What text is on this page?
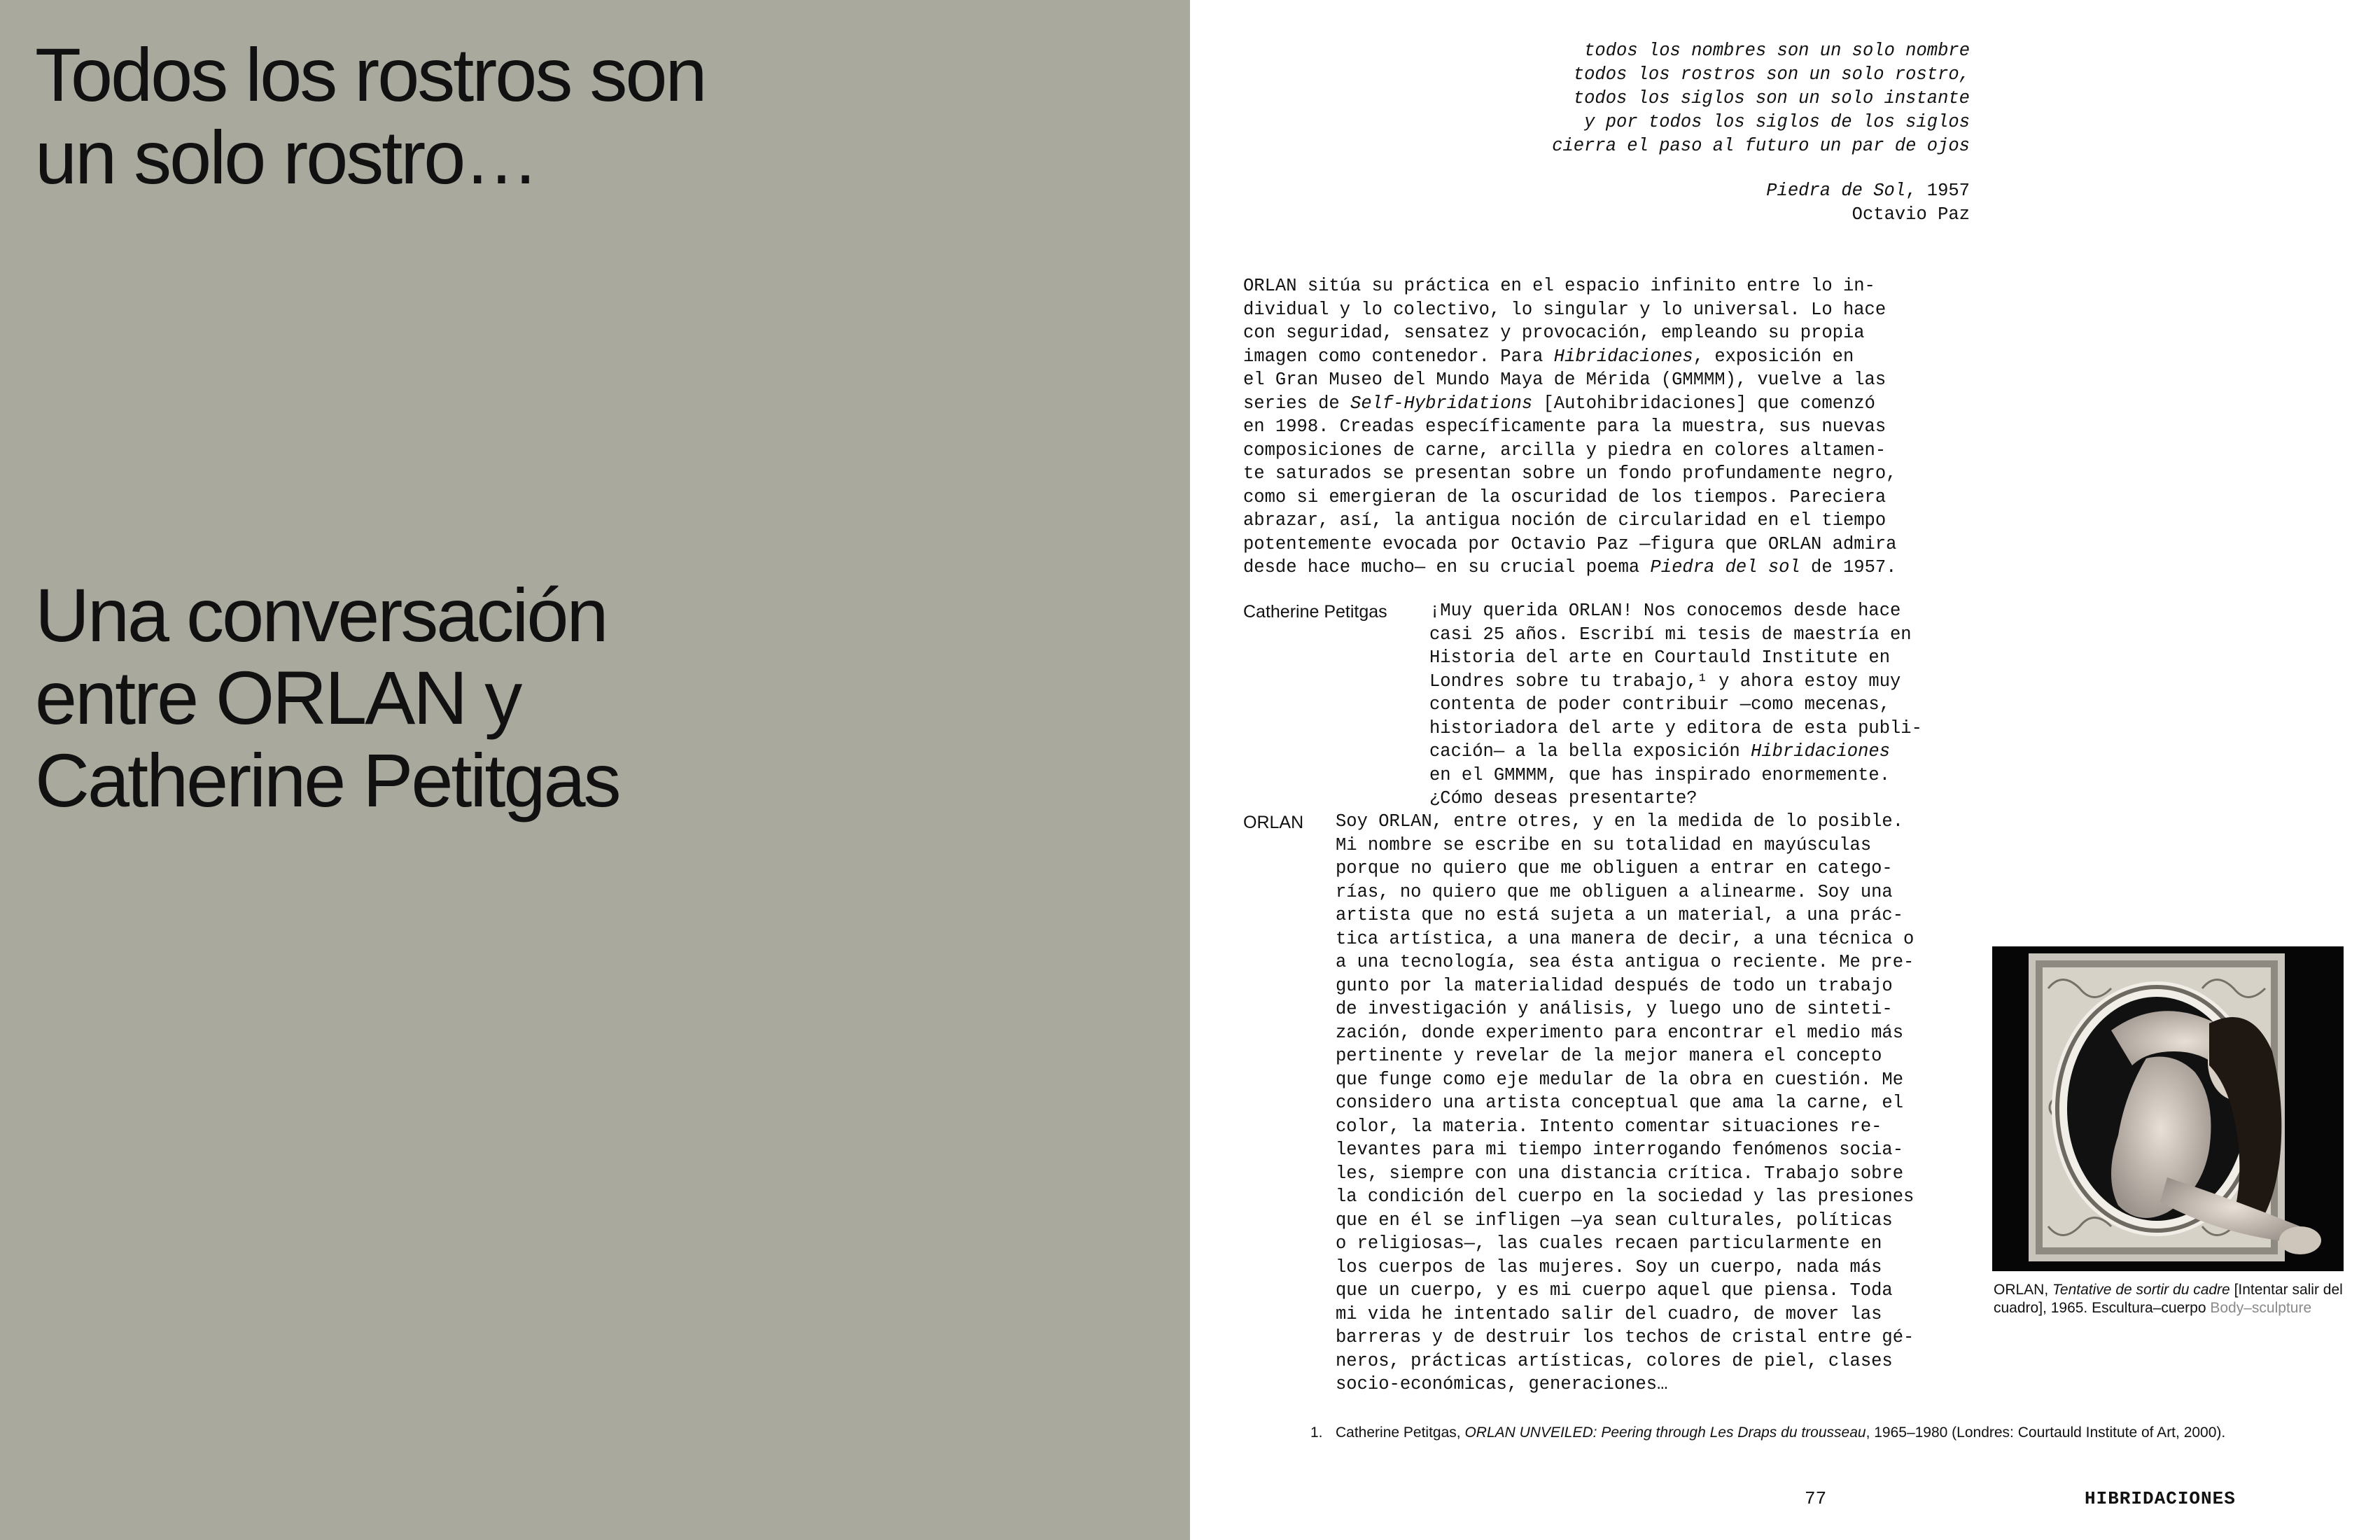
Todos los rostros son
un solo rostro…
Una conversación
entre ORLAN y
Catherine Petitgas
todos los nombres son un solo nombre
todos los rostros son un solo rostro,
todos los siglos son un solo instante
y por todos los siglos de los siglos
cierra el paso al futuro un par de ojos
Piedra de Sol, 1957
Octavio Paz
ORLAN sitúa su práctica en el espacio infinito entre lo in-
dividual y lo colectivo, lo singular y lo universal. Lo hace
con seguridad, sensatez y provocación, empleando su propia
imagen como contenedor. Para Hibridaciones, exposición en
el Gran Museo del Mundo Maya de Mérida (GMMMM), vuelve a las
series de Self-Hybridations [Autohibridaciones] que comenzó
en 1998. Creadas específicamente para la muestra, sus nuevas
composiciones de carne, arcilla y piedra en colores altamen-
te saturados se presentan sobre un fondo profundamente negro,
como si emergieran de la oscuridad de los tiempos. Pareciera
abrazar, así, la antigua noción de circularidad en el tiempo
potentemente evocada por Octavio Paz —figura que ORLAN admira
desde hace mucho— en su crucial poema Piedra del sol de 1957.
Catherine Petitgas ¡Muy querida ORLAN! Nos conocemos desde hace
casi 25 años. Escribí mi tesis de maestría en
Historia del arte en Courtauld Institute en
Londres sobre tu trabajo,¹ y ahora estoy muy
contenta de poder contribuir —como mecenas,
historiadora del arte y editora de esta publi-
cación— a la bella exposición Hibridaciones
en el GMMMM, que has inspirado enormemente.
¿Cómo deseas presentarte?
ORLAN Soy ORLAN, entre otres, y en la medida de lo posible.
Mi nombre se escribe en su totalidad en mayúsculas
porque no quiero que me obliguen a entrar en catego-
rías, no quiero que me obliguen a alinearme. Soy una
artista que no está sujeta a un material, a una prác-
tica artística, a una manera de decir, a una técnica o
a una tecnología, sea ésta antigua o reciente. Me pre-
gunto por la materialidad después de todo un trabajo
de investigación y análisis, y luego uno de sinteti-
zación, donde experimento para encontrar el medio más
pertinente y revelar de la mejor manera el concepto
que funge como eje medular de la obra en cuestión. Me
considero una artista conceptual que ama la carne, el
color, la materia. Intento comentar situaciones re-
levantes para mi tiempo interrogando fenómenos socia-
les, siempre con una distancia crítica. Trabajo sobre
la condición del cuerpo en la sociedad y las presiones
que en él se infligen —ya sean culturales, políticas
o religiosas—, las cuales recaen particularmente en
los cuerpos de las mujeres. Soy un cuerpo, nada más
que un cuerpo, y es mi cuerpo aquel que piensa. Toda
mi vida he intentado salir del cuadro, de mover las
barreras y de destruir los techos de cristal entre gé-
neros, prácticas artísticas, colores de piel, clases
socio-económicas, generaciones…
ORLAN, Tentative de sortir du cadre [Intentar salir del cuadro], 1965. Escultura–cuerpo Body–sculpture
1. Catherine Petitgas, ORLAN UNVEILED: Peering through Les Draps du trousseau, 1965–1980 (Londres: Courtauld Institute of Art, 2000).
77	HIBRIDACIONES
